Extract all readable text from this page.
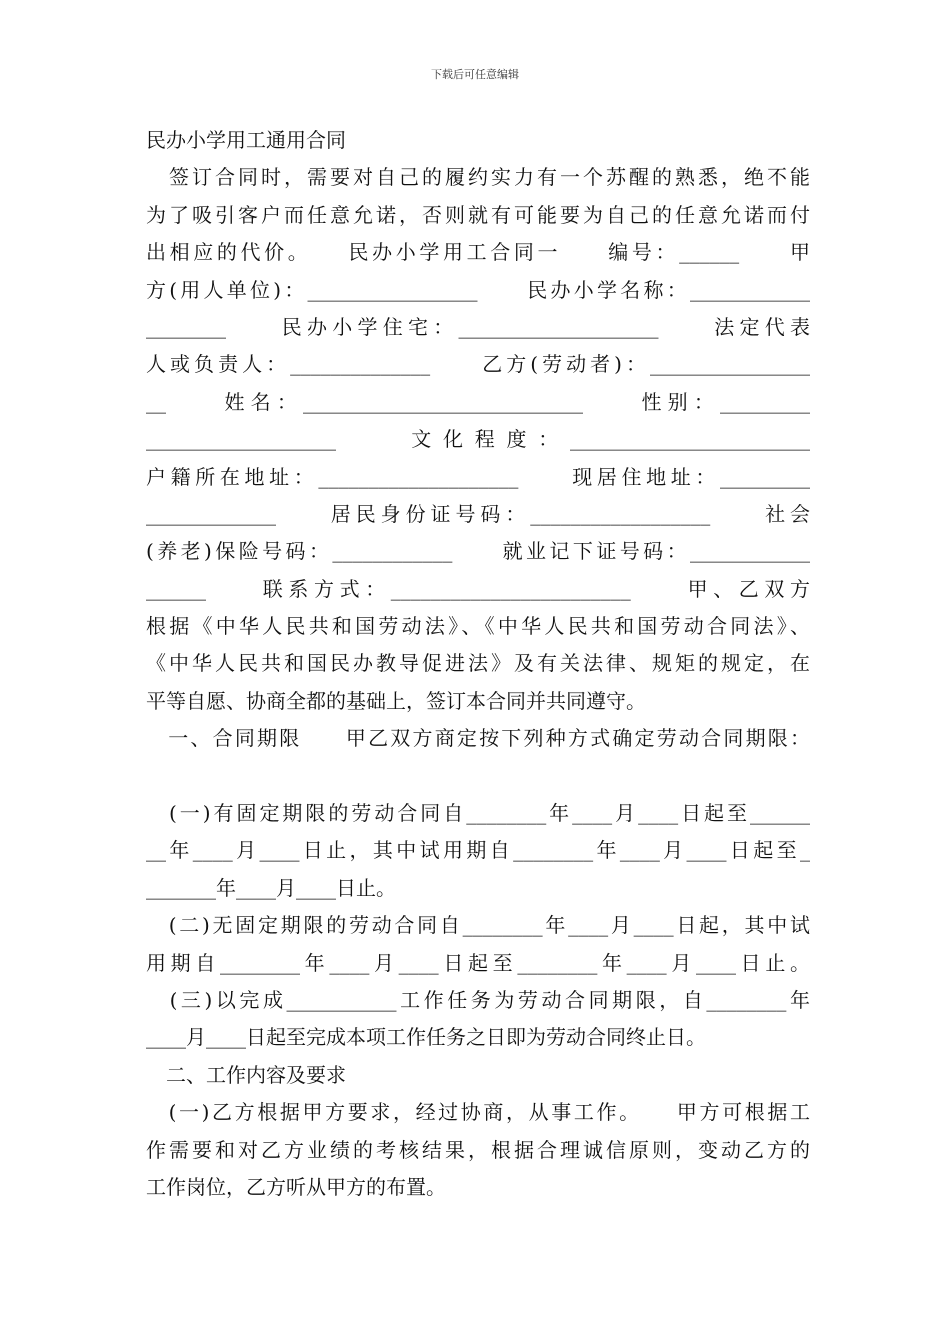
下载后可任意编辑
民办小学用工通用合同
　签订合同时，需要对自己的履约实力有一个苏醒的熟悉，绝不能
为了吸引客户而任意允诺，否则就有可能要为自己的任意允诺而付
出相应的代价。　　民办小学用工合同一　　编号：______　　甲
方(用人单位)：_________________　　民办小学名称：____________
________　　民办小学住宅：____________________　　法定代表
人或负责人：______________　　乙方(劳动者)：________________
__　　姓名：____________________________　　性别：_________
___________________　　文化程度：________________________
户籍所在地址：____________________　　现居住地址：_________
_____________　　居民身份证号码：__________________　　社会
(养老)保险号码：____________　　就业记下证号码：____________
______　　联系方式：________________________　　甲、乙双方
根据《中华人民共和国劳动法》、《中华人民共和国劳动合同法》、
《中华人民共和国民办教导促进法》及有关法律、规矩的规定，在
平等自愿、协商全都的基础上，签订本合同并共同遵守。
　一、合同期限　　甲乙双方商定按下列种方式确定劳动合同期限：
　(一)有固定期限的劳动合同自________年____月____日起至______
__年____月____日止，其中试用期自________年____月____日起至_
_______年____月____日止。
　(二)无固定期限的劳动合同自________年____月____日起，其中试
用期自________年____月____日起至________年____月____日止。
　(三)以完成___________工作任务为劳动合同期限，自________年
____月____日起至完成本项工作任务之日即为劳动合同终止日。
　二、工作内容及要求
　(一)乙方根据甲方要求，经过协商，从事工作。　　甲方可根据工
作需要和对乙方业绩的考核结果，根据合理诚信原则，变动乙方的
工作岗位，乙方听从甲方的布置。
